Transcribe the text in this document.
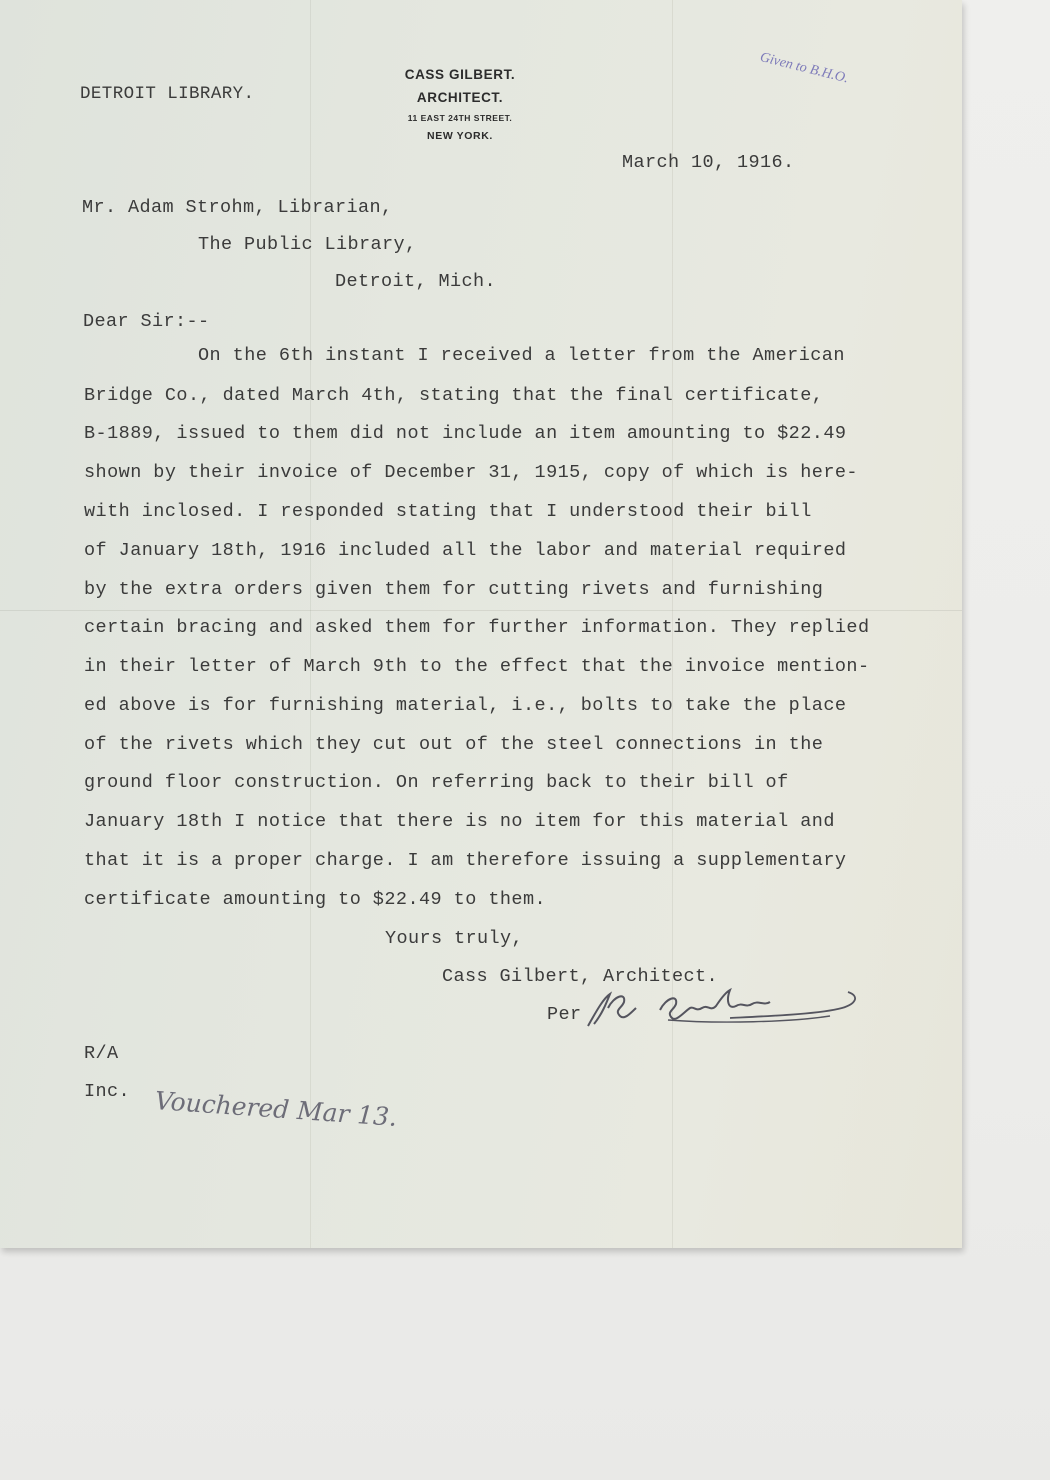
DETROIT LIBRARY.
CASS GILBERT.
ARCHITECT.
11 EAST 24TH STREET.
NEW YORK.
Given to B.H.O.
March 10, 1916.
Mr. Adam Strohm, Librarian,
The Public Library,
Detroit, Mich.
Dear Sir:--
On the 6th instant I received a letter from the American
Bridge Co., dated March 4th, stating that the final certificate,
B-1889, issued to them did not include an item amounting to $22.49
shown by their invoice of December 31, 1915, copy of which is here-
with inclosed. I responded stating that I understood their bill
of January 18th, 1916 included all the labor and material required
by the extra orders given them for cutting rivets and furnishing
certain bracing and asked them for further information. They replied
in their letter of March 9th to the effect that the invoice mention-
ed above is for furnishing material, i.e., bolts to take the place
of the rivets which they cut out of the steel connections in the
ground floor construction. On referring back to their bill of
January 18th I notice that there is no item for this material and
that it is a proper charge. I am therefore issuing a supplementary
certificate amounting to $22.49 to them.
Yours truly,
Cass Gilbert, Architect.
Per
R/A
Inc. Vouchered Mar 13.
